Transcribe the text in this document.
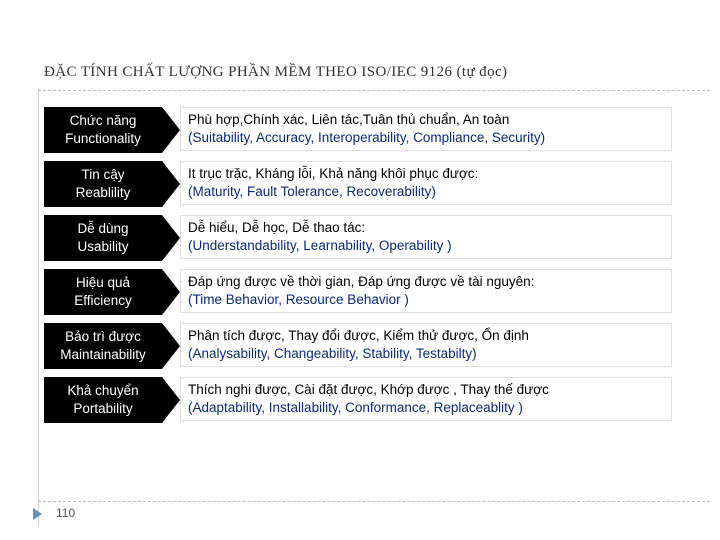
ĐẶC TÍNH CHẤT LƯỢNG PHẦN MỀM THEO ISO/IEC 9126 (tự đọc)
Chức năng
Functionality
Phù hợp,Chính xác, Liên tác,Tuân thủ chuẩn, An toàn
(Suitability, Accuracy, Interoperability, Compliance, Security)
Tin cậy
Reablility
It trục trặc, Kháng lỗi, Khả năng khôi phục được:
(Maturity, Fault Tolerance, Recoverability)
Dễ dùng
Usability
Dễ hiểu, Dễ học, Dễ thao tác:
(Understandability, Learnability, Operability )
Hiệu quả
Efficiency
Đáp ứng được về thời gian, Đáp ứng được về tài nguyên:
(Time Behavior, Resource Behavior )
Bảo trì được
Maintainability
Phân tích được, Thay đổi được, Kiểm thử được, Ổn định
(Analysability, Changeability, Stability, Testabilty)
Khả chuyển
Portability
Thích nghi được, Cài đặt được, Khớp được , Thay thế được
(Adaptability, Installability, Conformance, Replaceablity )
110
